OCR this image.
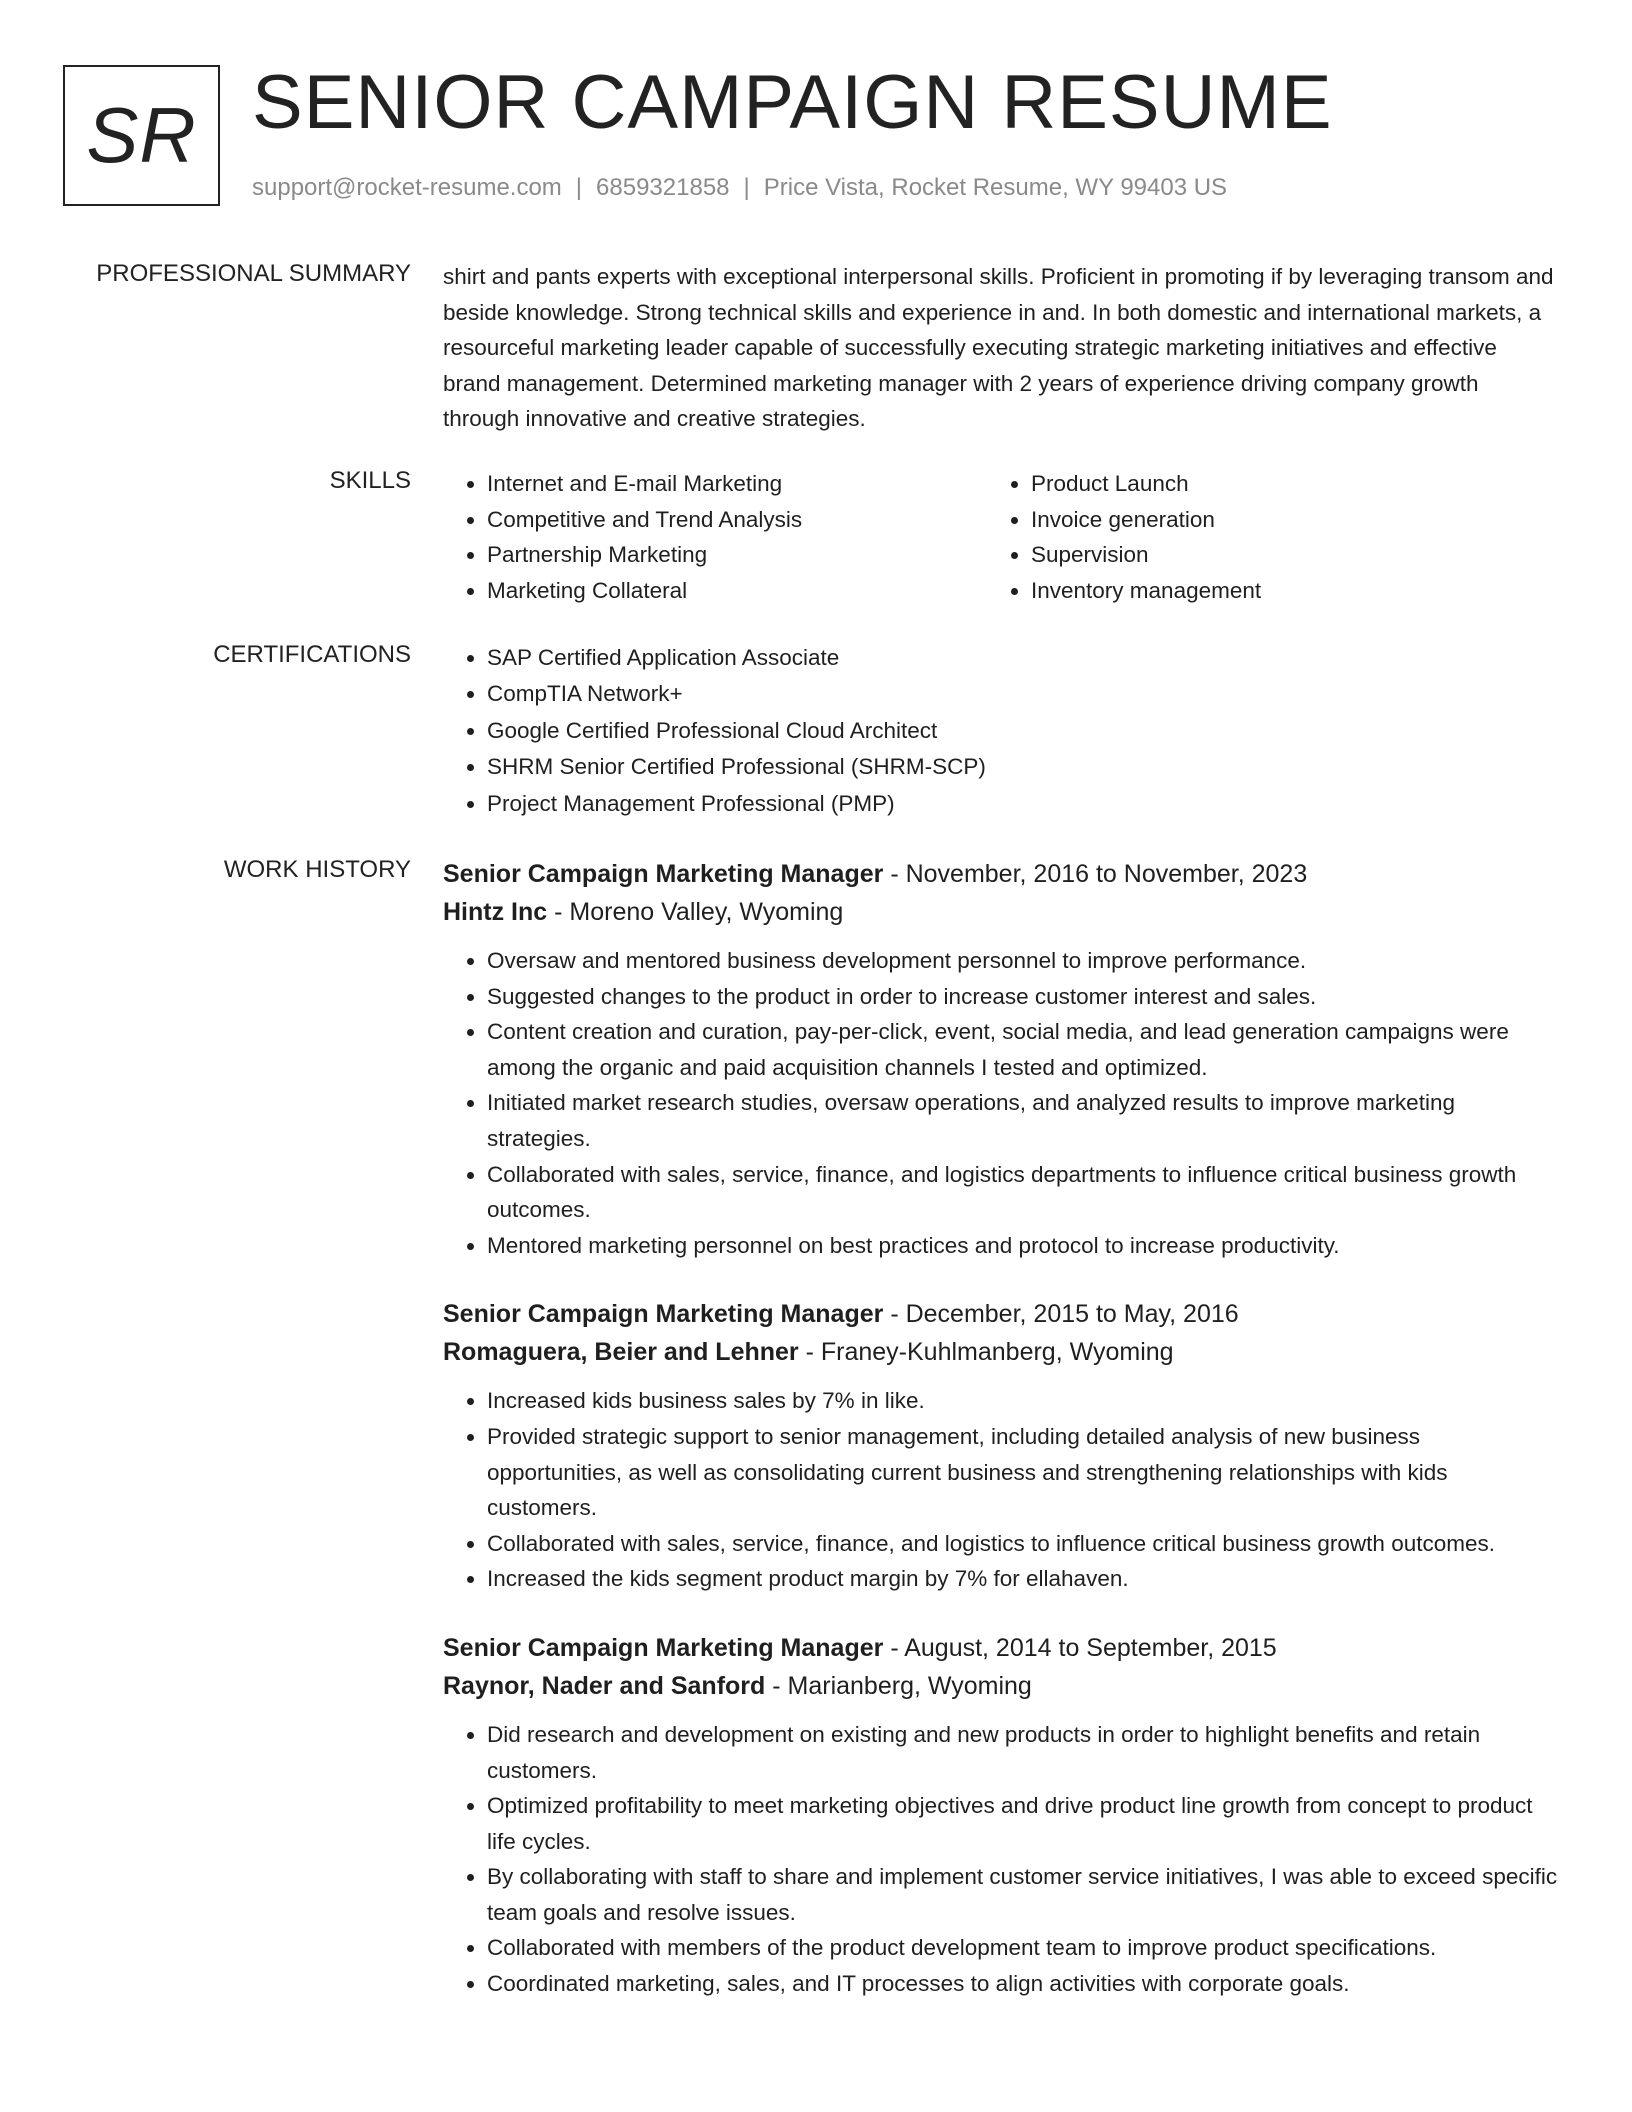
SR SENIOR CAMPAIGN RESUME
support@rocket-resume.com | 6859321858 | Price Vista, Rocket Resume, WY 99403 US
PROFESSIONAL SUMMARY shirt and pants experts with exceptional interpersonal skills. Proficient in promoting if by leveraging transom and beside knowledge. Strong technical skills and experience in and. In both domestic and international markets, a resourceful marketing leader capable of successfully executing strategic marketing initiatives and effective brand management. Determined marketing manager with 2 years of experience driving company growth through innovative and creative strategies.

SKILLS	• Internet and E-mail Marketing
• Competitive and Trend Analysis
• Partnership Marketing
• Marketing Collateral
• Product Launch
• Invoice generation
• Supervision
• Inventory management
CERTIFICATIONS	• SAP Certified Application Associate
• CompTIA Network+
• Google Certified Professional Cloud Architect
• SHRM Senior Certified Professional (SHRM-SCP)
• Project Management Professional (PMP)
WORK HISTORY Senior Campaign Marketing Manager - November, 2016 to November, 2023
Hintz Inc - Moreno Valley, Wyoming
• Oversaw and mentored business development personnel to improve performance.
• Suggested changes to the product in order to increase customer interest and sales.
• Content creation and curation, pay-per-click, event, social media, and lead generation campaigns were among the organic and paid acquisition channels I tested and optimized.
• Initiated market research studies, oversaw operations, and analyzed results to improve marketing strategies.
• Collaborated with sales, service, finance, and logistics departments to influence critical business growth outcomes.
• Mentored marketing personnel on best practices and protocol to increase productivity.
Senior Campaign Marketing Manager - December, 2015 to May, 2016
Romaguera, Beier and Lehner - Franey-Kuhlmanberg, Wyoming
• Increased kids business sales by 7% in like.
• Provided strategic support to senior management, including detailed analysis of new business opportunities, as well as consolidating current business and strengthening relationships with kids customers.
• Collaborated with sales, service, finance, and logistics to influence critical business growth outcomes.
• Increased the kids segment product margin by 7% for ellahaven.
Senior Campaign Marketing Manager - August, 2014 to September, 2015
Raynor, Nader and Sanford - Marianberg, Wyoming
• Did research and development on existing and new products in order to highlight benefits and retain customers.
• Optimized profitability to meet marketing objectives and drive product line growth from concept to product life cycles.
• By collaborating with staff to share and implement customer service initiatives, I was able to exceed specific team goals and resolve issues.
• Collaborated with members of the product development team to improve product specifications.
• Coordinated marketing, sales, and IT processes to align activities with corporate goals.
